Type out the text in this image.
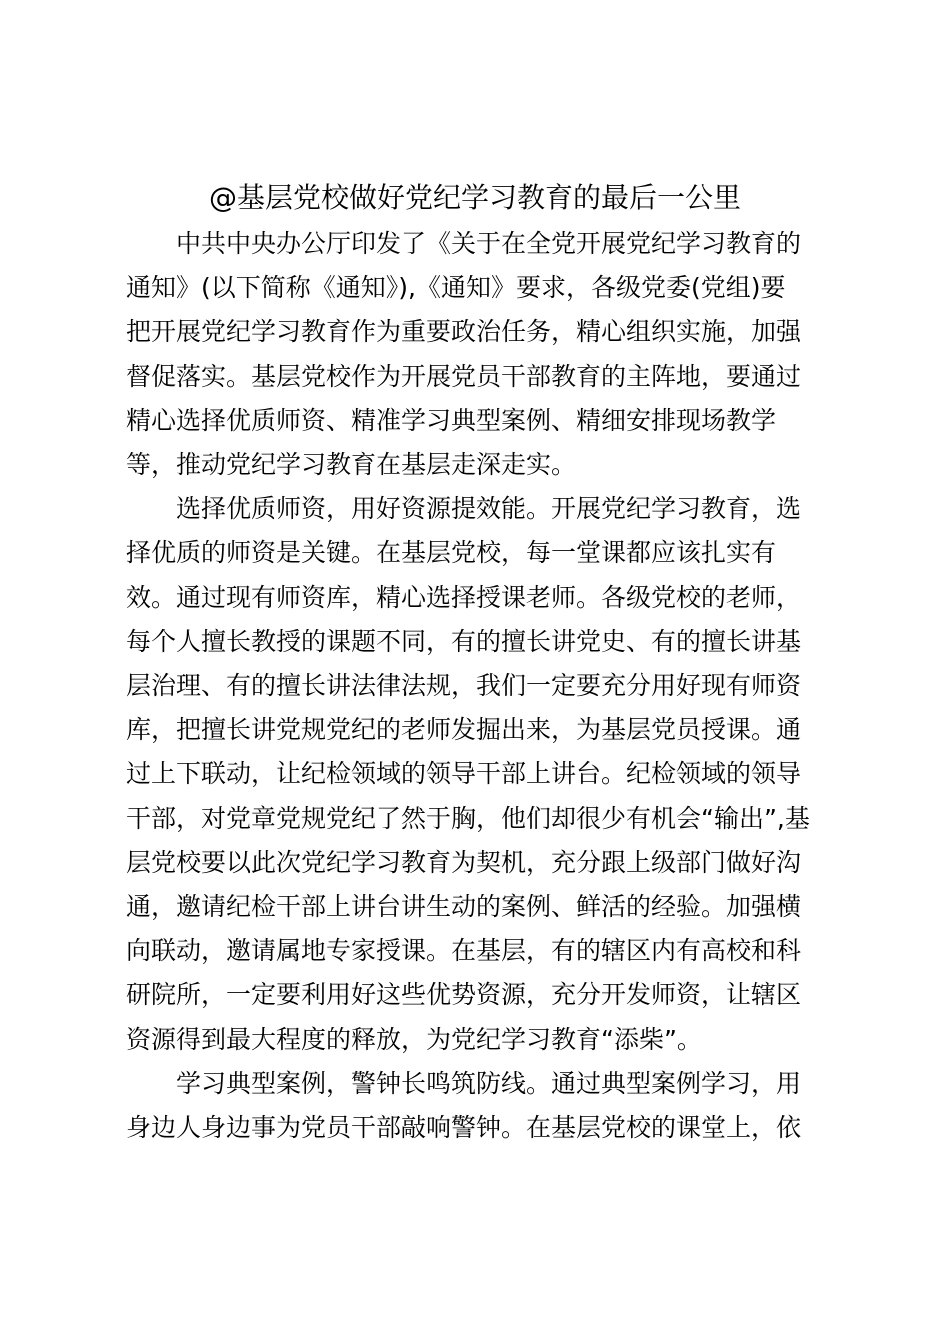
@基层党校做好党纪学习教育的最后一公里

　　中共中央办公厅印发了《关于在全党开展党纪学习教育的
通知》(以下简称《通知》),《通知》要求，各级党委(党组)要
把开展党纪学习教育作为重要政治任务，精心组织实施，加强
督促落实。基层党校作为开展党员干部教育的主阵地，要通过
精心选择优质师资、精准学习典型案例、精细安排现场教学
等，推动党纪学习教育在基层走深走实。

　　选择优质师资，用好资源提效能。开展党纪学习教育，选
择优质的师资是关键。在基层党校，每一堂课都应该扎实有
效。通过现有师资库，精心选择授课老师。各级党校的老师，
每个人擅长教授的课题不同，有的擅长讲党史、有的擅长讲基
层治理、有的擅长讲法律法规，我们一定要充分用好现有师资
库，把擅长讲党规党纪的老师发掘出来，为基层党员授课。通
过上下联动，让纪检领域的领导干部上讲台。纪检领域的领导
干部，对党章党规党纪了然于胸，他们却很少有机会“输出”,基
层党校要以此次党纪学习教育为契机，充分跟上级部门做好沟
通，邀请纪检干部上讲台讲生动的案例、鲜活的经验。加强横
向联动，邀请属地专家授课。在基层，有的辖区内有高校和科
研院所，一定要利用好这些优势资源，充分开发师资，让辖区
资源得到最大程度的释放，为党纪学习教育“添柴”。

　　学习典型案例，警钟长鸣筑防线。通过典型案例学习，用
身边人身边事为党员干部敲响警钟。在基层党校的课堂上，依
